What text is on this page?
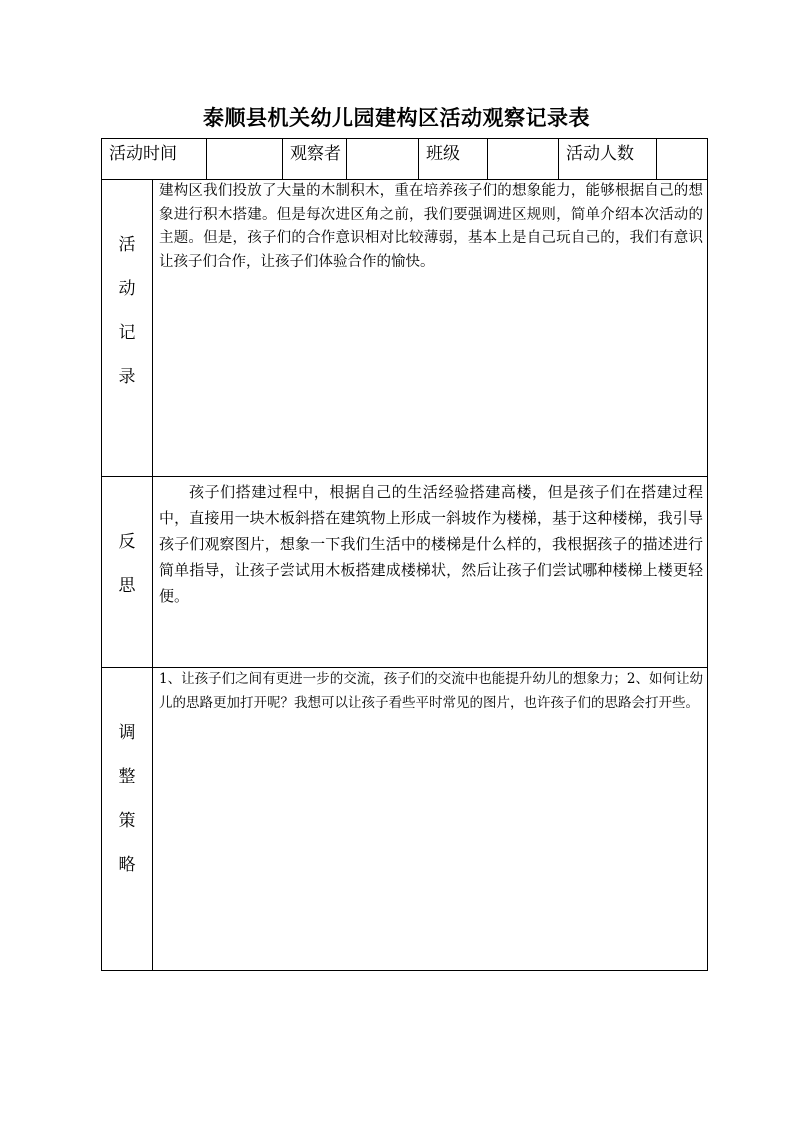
泰顺县机关幼儿园建构区活动观察记录表
活动时间			观察者		班级		活动人数	

活
动
记
录	建构区我们投放了大量的木制积木，重在培养孩子们的想象能力，能够根据自己的想象进行积木搭建。但是每次进区角之前，我们要强调进区规则，简单介绍本次活动的主题。但是，孩子们的合作意识相对比较薄弱，基本上是自己玩自己的，我们有意识让孩子们合作，让孩子们体验合作的愉快。							

反
思	孩子们搭建过程中，根据自己的生活经验搭建高楼，但是孩子们在搭建过程中，直接用一块木板斜搭在建筑物上形成一斜坡作为楼梯，基于这种楼梯，我引导孩子们观察图片，想象一下我们生活中的楼梯是什么样的，我根据孩子的描述进行简单指导，让孩子尝试用木板搭建成楼梯状，然后让孩子们尝试哪种楼梯上楼更轻便。							

调
整
策
略	1、让孩子们之间有更进一步的交流，孩子们的交流中也能提升幼儿的想象力；2、如何让幼儿的思路更加打开呢？我想可以让孩子看些平时常见的图片，也许孩子们的思路会打开些。							
